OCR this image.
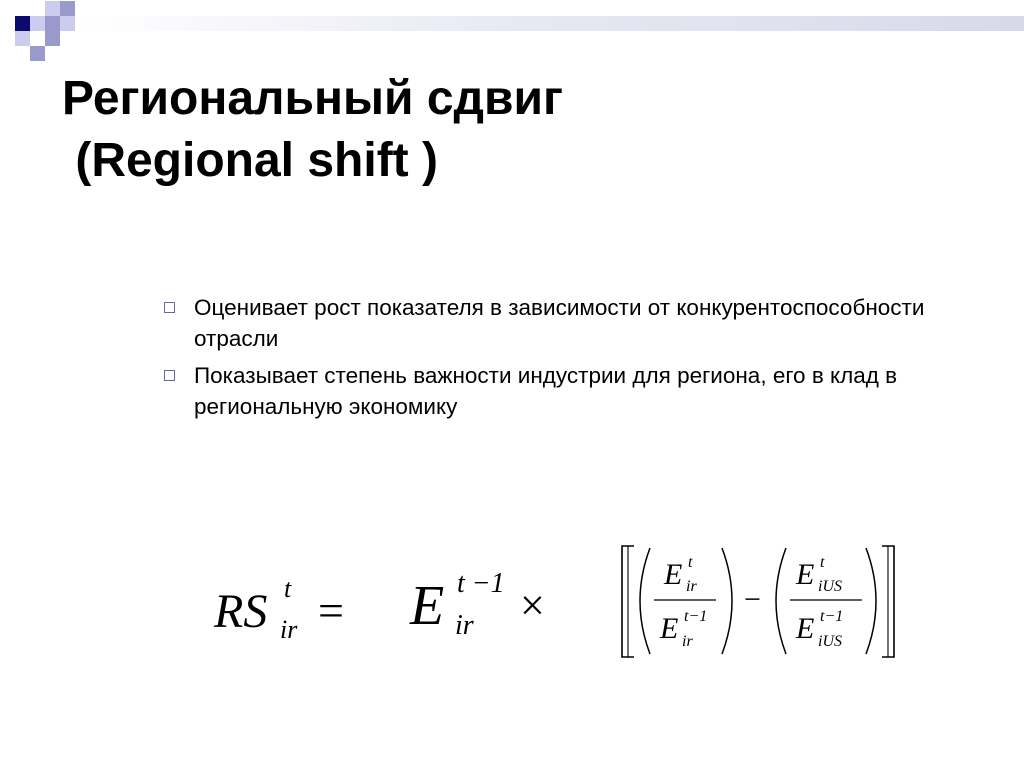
Региональный сдвиг
(Regional shift )
Оценивает рост показателя в зависимости от конкурентоспособности отрасли
Показывает степень важности индустрии для региона, его в клад в региональную экономику
RS t
ir = E t −1
ir ×
E t
ir
E t−1
ir
−
E t
iUS
E t−1
iUS
